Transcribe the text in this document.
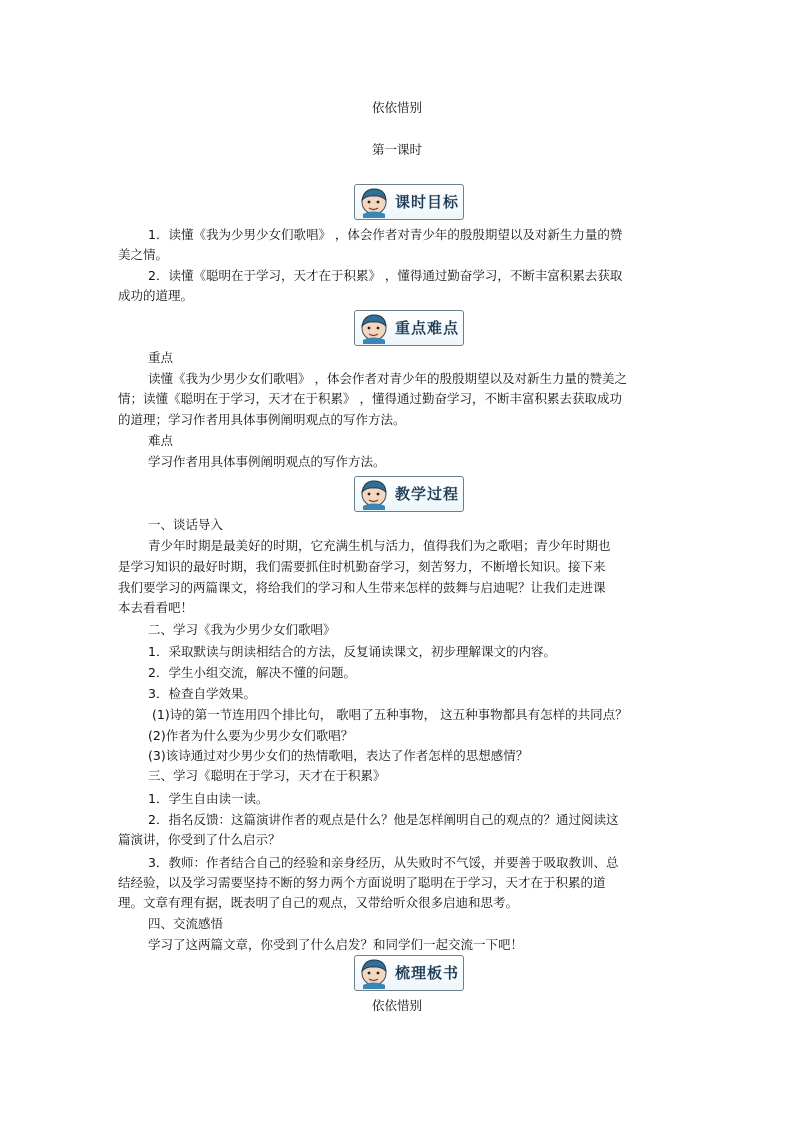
依依惜别
第一课时
课时目标
1．读懂《我为少男少女们歌唱》 ，体会作者对青少年的殷殷期望以及对新生力量的赞
美之情。
2．读懂《聪明在于学习，天才在于积累》 ，懂得通过勤奋学习，不断丰富积累去获取
成功的道理。
重点难点
重点
读懂《我为少男少女们歌唱》 ，体会作者对青少年的殷殷期望以及对新生力量的赞美之
情；读懂《聪明在于学习，天才在于积累》 ，懂得通过勤奋学习，不断丰富积累去获取成功
的道理；学习作者用具体事例阐明观点的写作方法。
难点
学习作者用具体事例阐明观点的写作方法。
教学过程
一、谈话导入
青少年时期是最美好的时期，它充满生机与活力，值得我们为之歌唱；青少年时期也
是学习知识的最好时期，我们需要抓住时机勤奋学习，刻苦努力，不断增长知识。接下来
我们要学习的两篇课文，将给我们的学习和人生带来怎样的鼓舞与启迪呢？让我们走进课
本去看看吧！
二、学习《我为少男少女们歌唱》
1．采取默读与朗读相结合的方法，反复诵读课文，初步理解课文的内容。
2．学生小组交流，解决不懂的问题。
3．检查自学效果。
(1)诗的第一节连用四个排比句， 歌唱了五种事物， 这五种事物都具有怎样的共同点？
(2)作者为什么要为少男少女们歌唱？
(3)该诗通过对少男少女们的热情歌唱，表达了作者怎样的思想感情？
三、学习《聪明在于学习，天才在于积累》
1．学生自由读一读。
2．指名反馈：这篇演讲作者的观点是什么？他是怎样阐明自己的观点的？通过阅读这
篇演讲，你受到了什么启示？
3．教师：作者结合自己的经验和亲身经历，从失败时不气馁，并要善于吸取教训、总
结经验，以及学习需要坚持不断的努力两个方面说明了聪明在于学习，天才在于积累的道
理。文章有理有据，既表明了自己的观点，又带给听众很多启迪和思考。
四、交流感悟
学习了这两篇文章，你受到了什么启发？和同学们一起交流一下吧！
梳理板书
依依惜别
